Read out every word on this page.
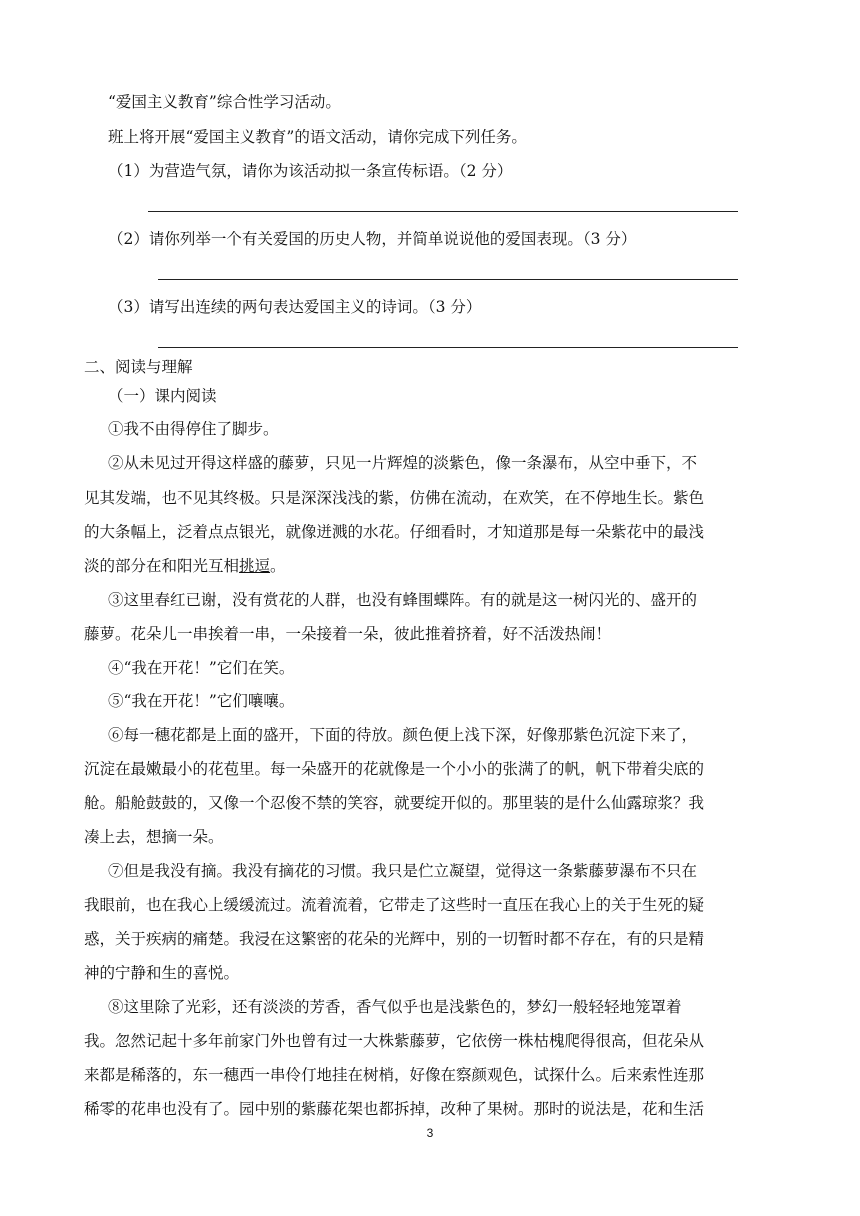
“爱国主义教育”综合性学习活动。
班上将开展“爱国主义教育”的语文活动，请你完成下列任务。
（1）为营造气氛，请你为该活动拟一条宣传标语。（2 分）
（2）请你列举一个有关爱国的历史人物，并简单说说他的爱国表现。（3 分）
（3）请写出连续的两句表达爱国主义的诗词。（3 分）
二、阅读与理解
（一）课内阅读
①我不由得停住了脚步。
②从未见过开得这样盛的藤萝，只见一片辉煌的淡紫色，像一条瀑布，从空中垂下，不
见其发端，也不见其终极。只是深深浅浅的紫，仿佛在流动，在欢笑，在不停地生长。紫色
的大条幅上，泛着点点银光，就像迸溅的水花。仔细看时，才知道那是每一朵紫花中的最浅
淡的部分在和阳光互相挑逗。
③这里春红已谢，没有赏花的人群，也没有蜂围蝶阵。有的就是这一树闪光的、盛开的
藤萝。花朵儿一串挨着一串，一朵接着一朵，彼此推着挤着，好不活泼热闹！
④“我在开花！”它们在笑。
⑤“我在开花！”它们嚷嚷。
⑥每一穗花都是上面的盛开，下面的待放。颜色便上浅下深，好像那紫色沉淀下来了，
沉淀在最嫩最小的花苞里。每一朵盛开的花就像是一个小小的张满了的帆，帆下带着尖底的
舱。船舱鼓鼓的，又像一个忍俊不禁的笑容，就要绽开似的。那里装的是什么仙露琼浆？我
凑上去，想摘一朵。
⑦但是我没有摘。我没有摘花的习惯。我只是伫立凝望，觉得这一条紫藤萝瀑布不只在
我眼前，也在我心上缓缓流过。流着流着，它带走了这些时一直压在我心上的关于生死的疑
惑，关于疾病的痛楚。我浸在这繁密的花朵的光辉中，别的一切暂时都不存在，有的只是精
神的宁静和生的喜悦。
⑧这里除了光彩，还有淡淡的芳香，香气似乎也是浅紫色的，梦幻一般轻轻地笼罩着
我。忽然记起十多年前家门外也曾有过一大株紫藤萝，它依傍一株枯槐爬得很高，但花朵从
来都是稀落的，东一穗西一串伶仃地挂在树梢，好像在察颜观色，试探什么。后来索性连那
稀零的花串也没有了。园中别的紫藤花架也都拆掉，改种了果树。那时的说法是，花和生活
3
